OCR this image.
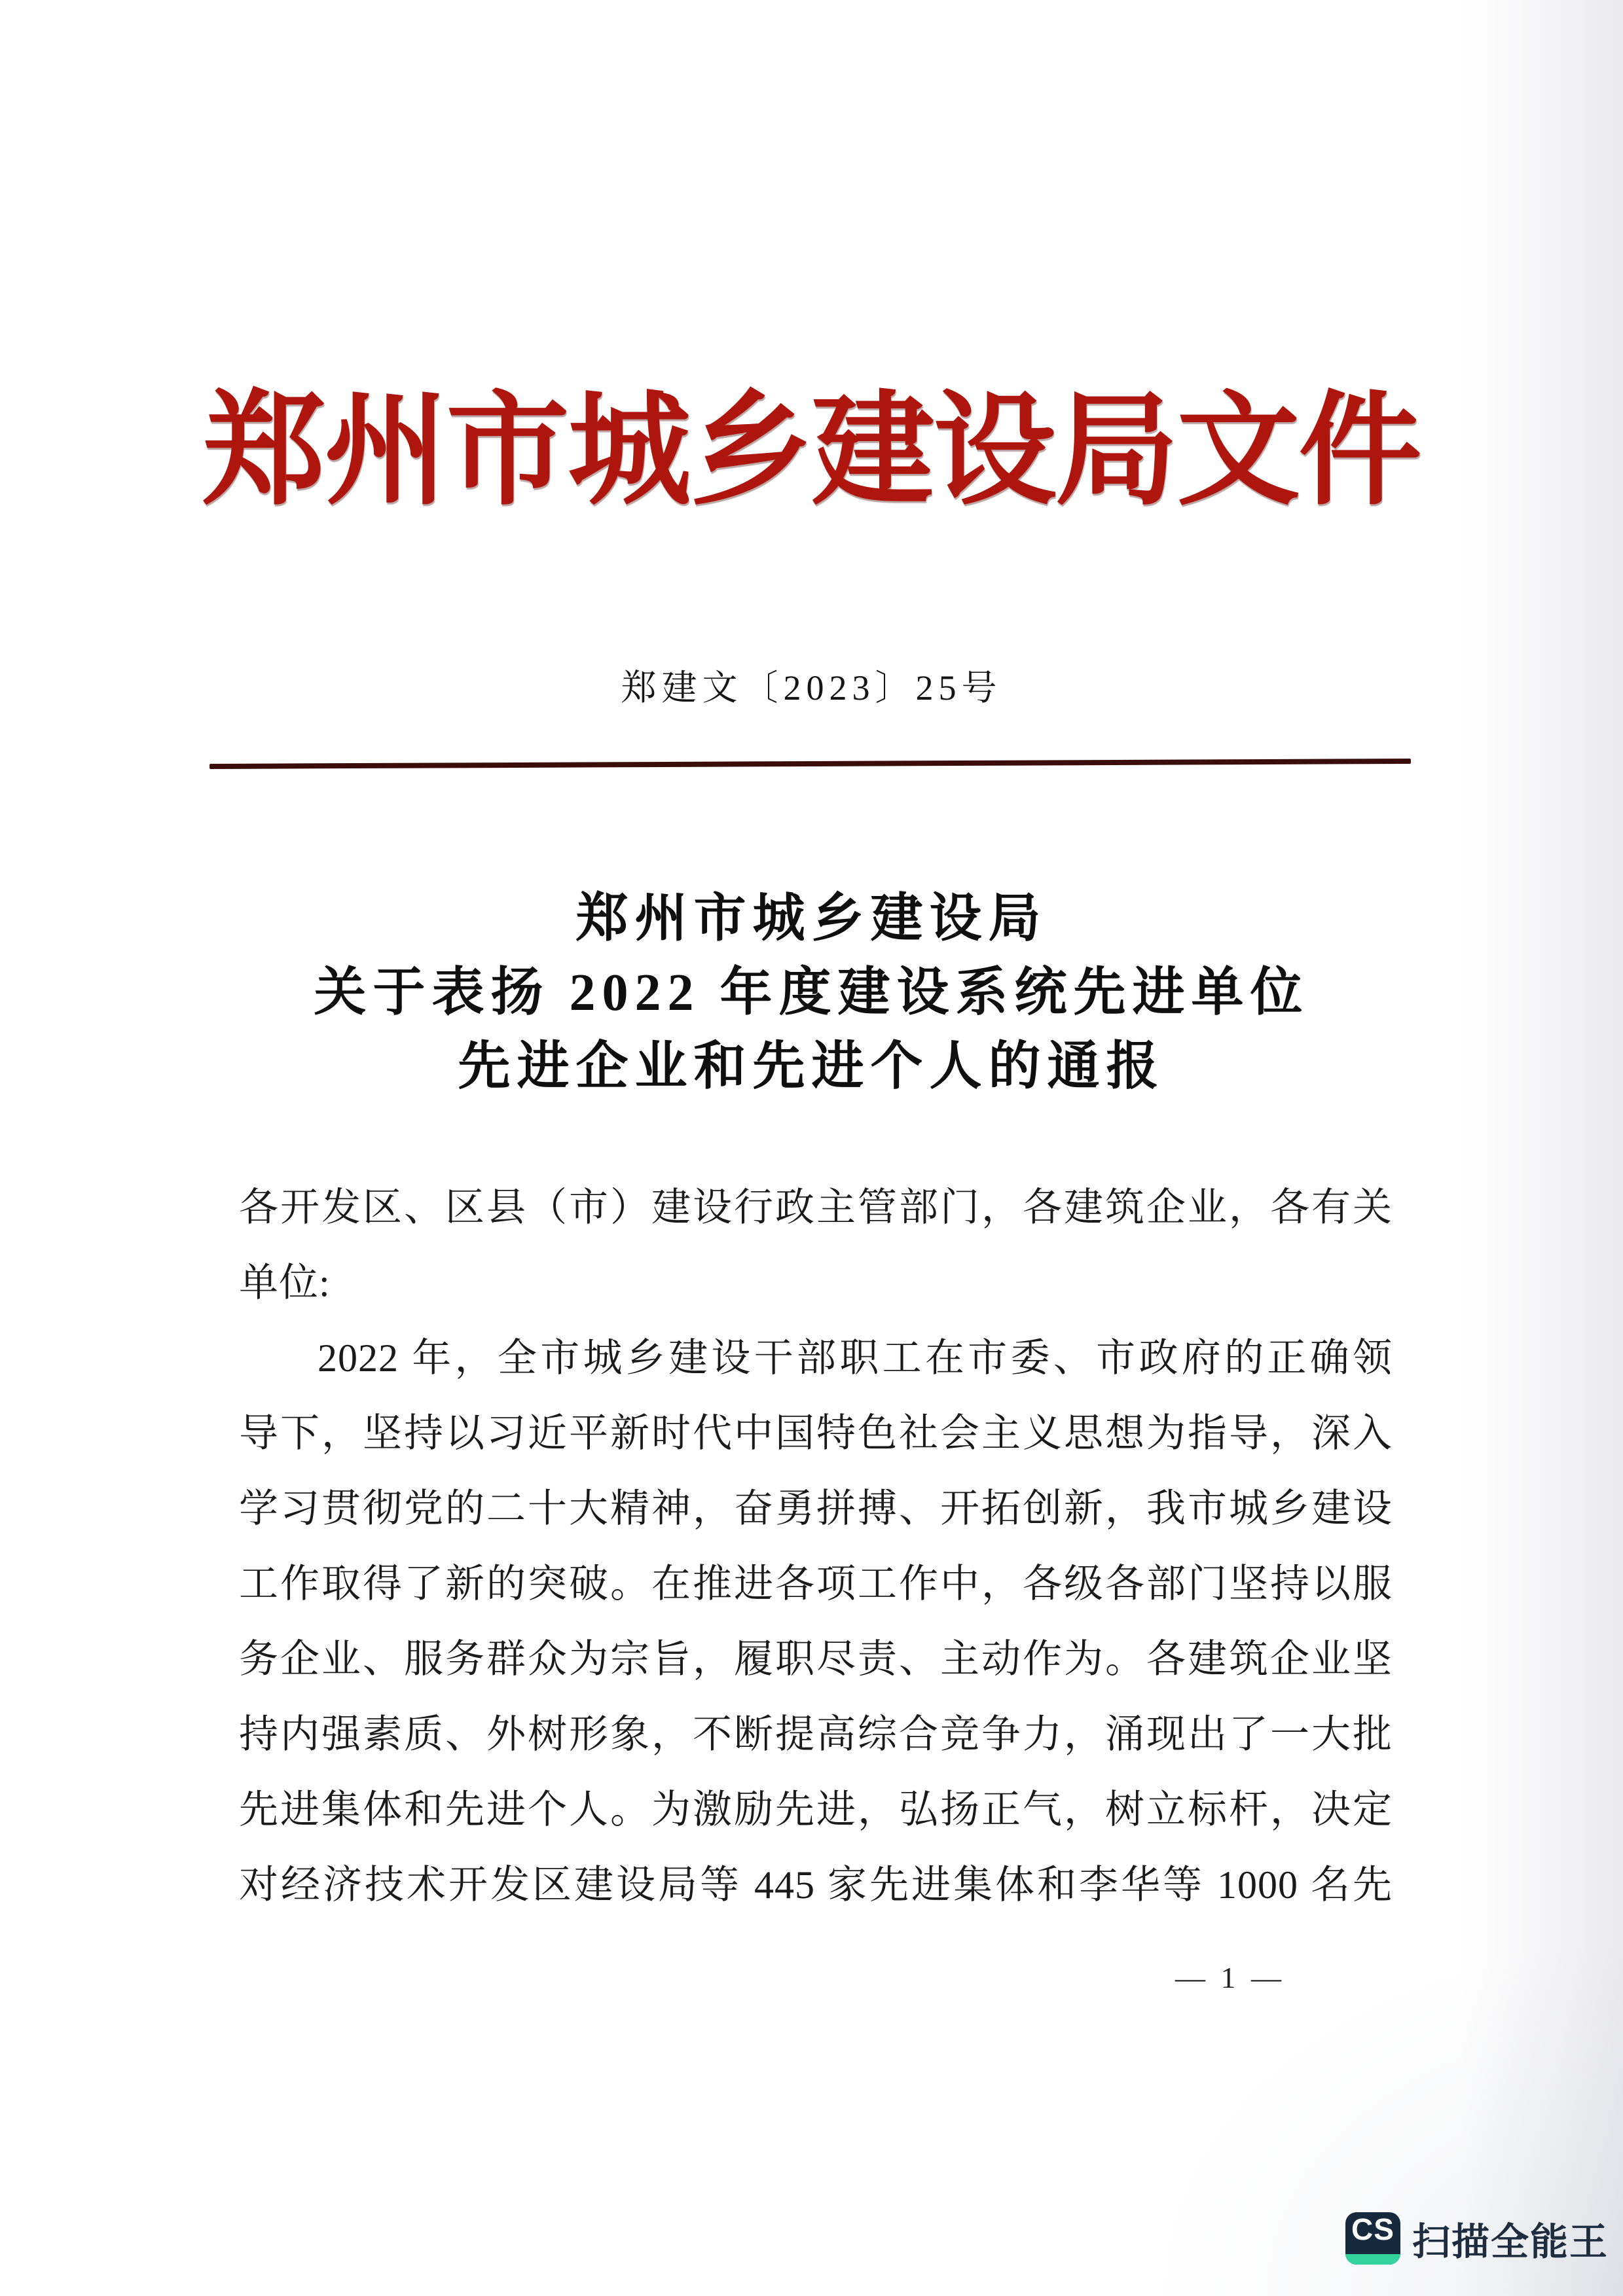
郑州市城乡建设局文件
郑建文〔2023〕25号
郑州市城乡建设局
关于表扬 2022 年度建设系统先进单位
先进企业和先进个人的通报
各开发区、区县（市）建设行政主管部门，各建筑企业，各有关
单位:
2022 年，全市城乡建设干部职工在市委、市政府的正确领
导下，坚持以习近平新时代中国特色社会主义思想为指导，深入
学习贯彻党的二十大精神，奋勇拼搏、开拓创新，我市城乡建设
工作取得了新的突破。在推进各项工作中，各级各部门坚持以服
务企业、服务群众为宗旨，履职尽责、主动作为。各建筑企业坚
持内强素质、外树形象，不断提高综合竞争力，涌现出了一大批
先进集体和先进个人。为激励先进，弘扬正气，树立标杆，决定
对经济技术开发区建设局等 445 家先进集体和李华等 1000 名先
— 1 —
CS 扫描全能王
